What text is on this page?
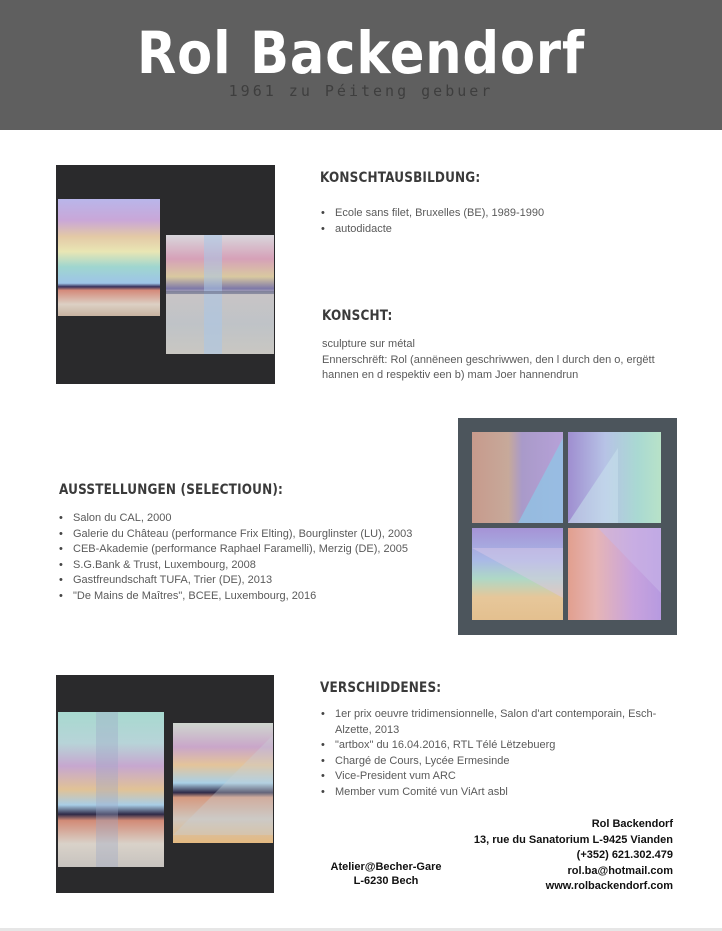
Rol Backendorf
1961 zu Péiteng gebuer
KONSCHTAUSBILDUNG:
• Ecole sans filet, Bruxelles (BE), 1989-1990
• autodidacte
KONSCHT:
sculpture sur métal
Ennerschrëft: Rol (annëneen geschriwwen, den l durch den o, ergëtt
hannen en d respektiv een b) mam Joer hannendrun
AUSSTELLUNGEN (SELECTIOUN):
• Salon du CAL, 2000
• Galerie du Château (performance Frix Elting), Bourglinster (LU), 2003
• CEB-Akademie (performance Raphael Faramelli), Merzig (DE), 2005
• S.G.Bank & Trust, Luxembourg, 2008
• Gastfreundschaft TUFA, Trier (DE), 2013
• "De Mains de Maîtres", BCEE, Luxembourg, 2016
VERSCHIDDENES:
• 1er prix oeuvre tridimensionnelle, Salon d'art contemporain, Esch-
Alzette, 2013
• "artbox" du 16.04.2016, RTL Télé Lëtzebuerg
• Chargé de Cours, Lycée Ermesinde
• Vice-President vum ARC
• Member vum Comité vun ViArt asbl
Atelier@Becher-Gare
L-6230 Bech
Rol Backendorf
13, rue du Sanatorium L-9425 Vianden
(+352) 621.302.479
rol.ba@hotmail.com
www.rolbackendorf.com
